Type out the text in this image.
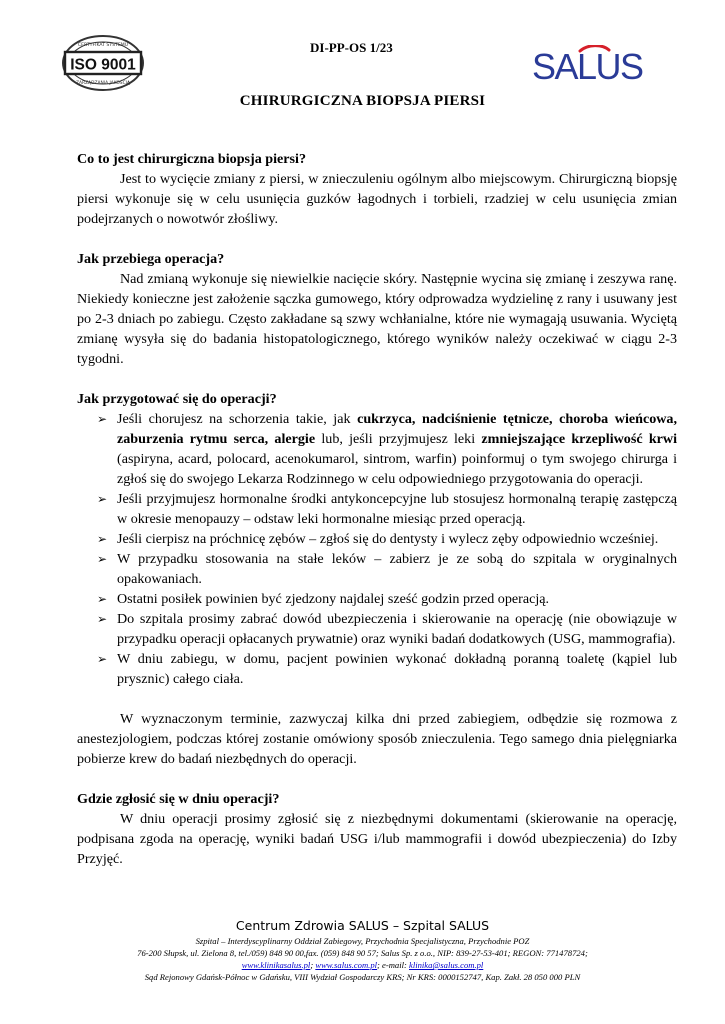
CERTYFIKAT SYSTEMU
ISO 9001
ZARZĄDZANIA JAKOŚCIĄ
DI-PP-OS 1/23	SALUS
CHIRURGICZNA BIOPSJA PIERSI

Co to jest chirurgiczna biopsja piersi?

Jest to wycięcie zmiany z piersi, w znieczuleniu ogólnym albo miejscowym. Chirurgiczną biopsję piersi wykonuje się w celu usunięcia guzków łagodnych i torbieli, rzadziej w celu usunięcia zmian podejrzanych o nowotwór złośliwy.

Jak przebiega operacja?

Nad zmianą wykonuje się niewielkie nacięcie skóry. Następnie wycina się zmianę i zeszywa ranę. Niekiedy konieczne jest założenie sączka gumowego, który odprowadza wydzielinę z rany i usuwany jest po 2-3 dniach po zabiegu. Często zakładane są szwy wchłanialne, które nie wymagają usuwania. Wyciętą zmianę wysyła się do badania histopatologicznego, którego wyników należy oczekiwać w ciągu 2-3 tygodni.

Jak przygotować się do operacji?

➢ Jeśli chorujesz na schorzenia takie, jak cukrzyca, nadciśnienie tętnicze, choroba wieńcowa, zaburzenia rytmu serca, alergie lub, jeśli przyjmujesz leki zmniejszające krzepliwość krwi (aspiryna, acard, polocard, acenokumarol, sintrom, warfin) poinformuj o tym swojego chirurga i zgłoś się do swojego Lekarza Rodzinnego w celu odpowiedniego przygotowania do operacji.
➢ Jeśli przyjmujesz hormonalne środki antykoncepcyjne lub stosujesz hormonalną terapię zastępczą w okresie menopauzy – odstaw leki hormonalne miesiąc przed operacją.
➢ Jeśli cierpisz na próchnicę zębów – zgłoś się do dentysty i wylecz zęby odpowiednio wcześniej.
➢ W przypadku stosowania na stałe leków – zabierz je ze sobą do szpitala w oryginalnych opakowaniach.
➢ Ostatni posiłek powinien być zjedzony najdalej sześć godzin przed operacją.
➢ Do szpitala prosimy zabrać dowód ubezpieczenia i skierowanie na operację (nie obowiązuje w przypadku operacji opłacanych prywatnie) oraz wyniki badań dodatkowych (USG, mammografia).
➢ W dniu zabiegu, w domu, pacjent powinien wykonać dokładną poranną toaletę (kąpiel lub prysznic) całego ciała.

W wyznaczonym terminie, zazwyczaj kilka dni przed zabiegiem, odbędzie się rozmowa z anestezjologiem, podczas której zostanie omówiony sposób znieczulenia. Tego samego dnia pielęgniarka pobierze krew do badań niezbędnych do operacji.

Gdzie zgłosić się w dniu operacji?

W dniu operacji prosimy zgłosić się z niezbędnymi dokumentami (skierowanie na operację, podpisana zgoda na operację, wyniki badań USG i/lub mammografii i dowód ubezpieczenia) do Izby Przyjęć.

Centrum Zdrowia SALUS – Szpital SALUS
Szpital – Interdyscyplinarny Oddział Zabiegowy, Przychodnia Specjalistyczna, Przychodnie POZ
76-200 Słupsk, ul. Zielona 8, tel./059) 848 90 00,fax. (059) 848 90 57; Salus Sp. z o.o., NIP: 839-27-53-401; REGON: 771478724;
www.klinikasalus.pl; www.salus.com.pl; e-mail: klinika@salus.com.pl
Sąd Rejonowy Gdańsk-Północ w Gdańsku, VIII Wydział Gospodarczy KRS; Nr KRS: 0000152747, Kap. Zakł. 28 050 000 PLN
